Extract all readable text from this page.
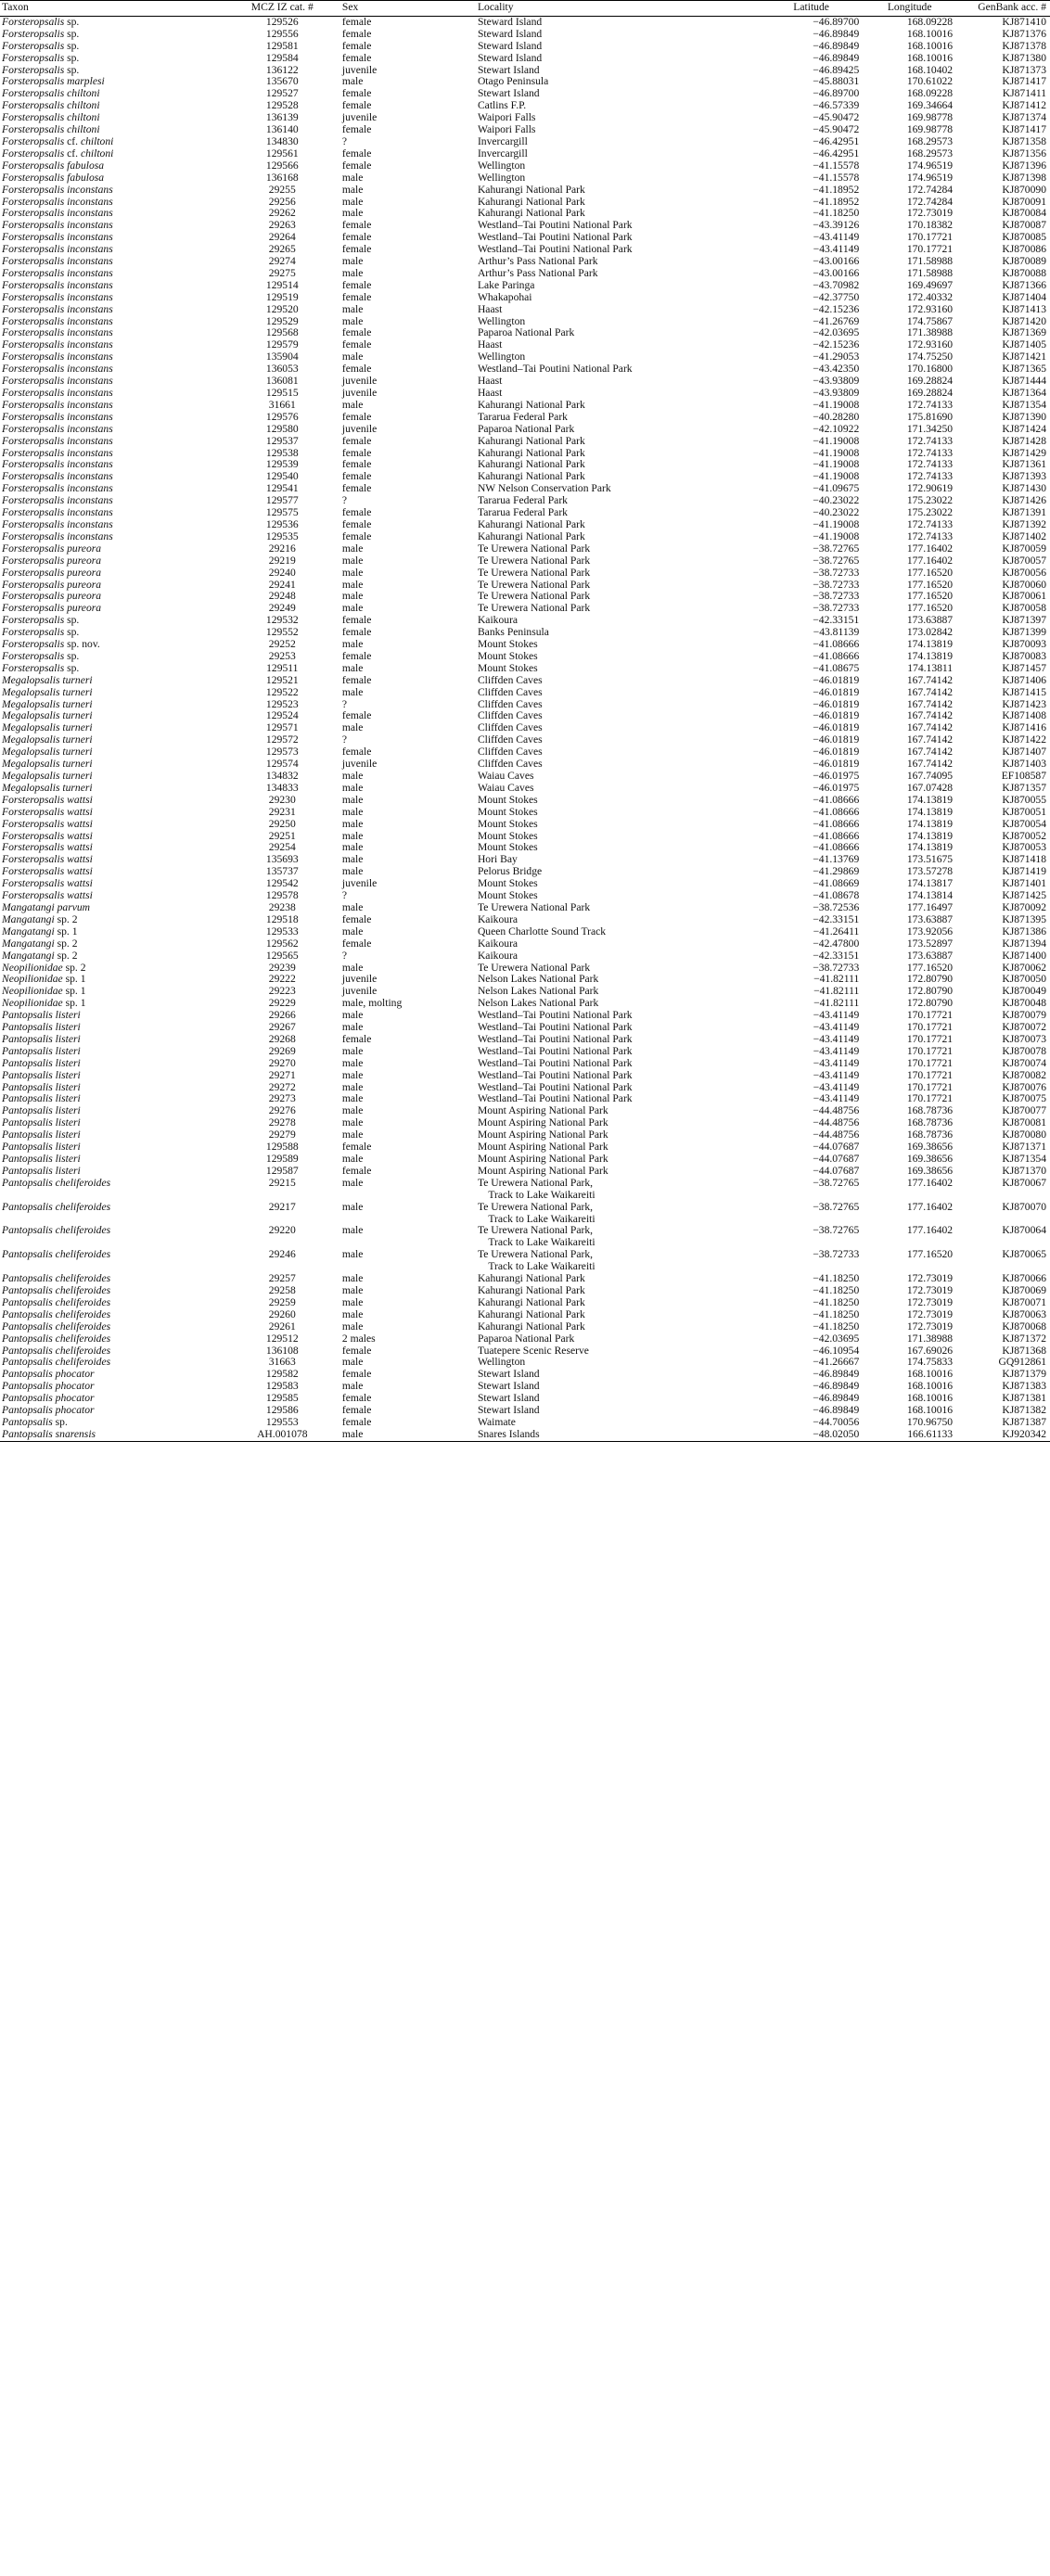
Taxon	MCZ IZ cat. #	Sex	Locality	Latitude	Longitude	GenBank acc. #
Forsteropsalis sp.	129526	female	Steward Island	−46.89700	168.09228	KJ871410
Forsteropsalis sp.	129556	female	Steward Island	−46.89849	168.10016	KJ871376
Forsteropsalis sp.	129581	female	Steward Island	−46.89849	168.10016	KJ871378
Forsteropsalis sp.	129584	female	Steward Island	−46.89849	168.10016	KJ871380
Forsteropsalis sp.	136122	juvenile	Stewart Island	−46.89425	168.10402	KJ871373
Forsteropsalis marplesi	135670	male	Otago Peninsula	−45.88031	170.61022	KJ871417
Forsteropsalis chiltoni	129527	female	Stewart Island	−46.89700	168.09228	KJ871411
Forsteropsalis chiltoni	129528	female	Catlins F.P.	−46.57339	169.34664	KJ871412
Forsteropsalis chiltoni	136139	juvenile	Waipori Falls	−45.90472	169.98778	KJ871374
Forsteropsalis chiltoni	136140	female	Waipori Falls	−45.90472	169.98778	KJ871417
Forsteropsalis cf. chiltoni	134830	?	Invercargill	−46.42951	168.29573	KJ871358
Forsteropsalis cf. chiltoni	129561	female	Invercargill	−46.42951	168.29573	KJ871356
Forsteropsalis fabulosa	129566	female	Wellington	−41.15578	174.96519	KJ871396
Forsteropsalis fabulosa	136168	male	Wellington	−41.15578	174.96519	KJ871398
Forsteropsalis inconstans	29255	male	Kahurangi National Park	−41.18952	172.74284	KJ870090
Forsteropsalis inconstans	29256	male	Kahurangi National Park	−41.18952	172.74284	KJ870091
Forsteropsalis inconstans	29262	male	Kahurangi National Park	−41.18250	172.73019	KJ870084
Forsteropsalis inconstans	29263	female	Westland–Tai Poutini National Park	−43.39126	170.18382	KJ870087
Forsteropsalis inconstans	29264	female	Westland–Tai Poutini National Park	−43.41149	170.17721	KJ870085
Forsteropsalis inconstans	29265	female	Westland–Tai Poutini National Park	−43.41149	170.17721	KJ870086
Forsteropsalis inconstans	29274	male	Arthur’s Pass National Park	−43.00166	171.58988	KJ870089
Forsteropsalis inconstans	29275	male	Arthur’s Pass National Park	−43.00166	171.58988	KJ870088
Forsteropsalis inconstans	129514	female	Lake Paringa	−43.70982	169.49697	KJ871366
Forsteropsalis inconstans	129519	female	Whakapohai	−42.37750	172.40332	KJ871404
Forsteropsalis inconstans	129520	male	Haast	−42.15236	172.93160	KJ871413
Forsteropsalis inconstans	129529	male	Wellington	−41.26769	174.75867	KJ871420
Forsteropsalis inconstans	129568	female	Paparoa National Park	−42.03695	171.38988	KJ871369
Forsteropsalis inconstans	129579	female	Haast	−42.15236	172.93160	KJ871405
Forsteropsalis inconstans	135904	male	Wellington	−41.29053	174.75250	KJ871421
Forsteropsalis inconstans	136053	female	Westland–Tai Poutini National Park	−43.42350	170.16800	KJ871365
Forsteropsalis inconstans	136081	juvenile	Haast	−43.93809	169.28824	KJ871444
Forsteropsalis inconstans	129515	juvenile	Haast	−43.93809	169.28824	KJ871364
Forsteropsalis inconstans	31661	male	Kahurangi National Park	−41.19008	172.74133	KJ871354
Forsteropsalis inconstans	129576	female	Tararua Federal Park	−40.28280	175.81690	KJ871390
Forsteropsalis inconstans	129580	juvenile	Paparoa National Park	−42.10922	171.34250	KJ871424
Forsteropsalis inconstans	129537	female	Kahurangi National Park	−41.19008	172.74133	KJ871428
Forsteropsalis inconstans	129538	female	Kahurangi National Park	−41.19008	172.74133	KJ871429
Forsteropsalis inconstans	129539	female	Kahurangi National Park	−41.19008	172.74133	KJ871361
Forsteropsalis inconstans	129540	female	Kahurangi National Park	−41.19008	172.74133	KJ871393
Forsteropsalis inconstans	129541	female	NW Nelson Conservation Park	−41.09675	172.90619	KJ871430
Forsteropsalis inconstans	129577	?	Tararua Federal Park	−40.23022	175.23022	KJ871426
Forsteropsalis inconstans	129575	female	Tararua Federal Park	−40.23022	175.23022	KJ871391
Forsteropsalis inconstans	129536	female	Kahurangi National Park	−41.19008	172.74133	KJ871392
Forsteropsalis inconstans	129535	female	Kahurangi National Park	−41.19008	172.74133	KJ871402
Forsteropsalis pureora	29216	male	Te Urewera National Park	−38.72765	177.16402	KJ870059
Forsteropsalis pureora	29219	male	Te Urewera National Park	−38.72765	177.16402	KJ870057
Forsteropsalis pureora	29240	male	Te Urewera National Park	−38.72733	177.16520	KJ870056
Forsteropsalis pureora	29241	male	Te Urewera National Park	−38.72733	177.16520	KJ870060
Forsteropsalis pureora	29248	male	Te Urewera National Park	−38.72733	177.16520	KJ870061
Forsteropsalis pureora	29249	male	Te Urewera National Park	−38.72733	177.16520	KJ870058
Forsteropsalis sp.	129532	female	Kaikoura	−42.33151	173.63887	KJ871397
Forsteropsalis sp.	129552	female	Banks Peninsula	−43.81139	173.02842	KJ871399
Forsteropsalis sp. nov.	29252	male	Mount Stokes	−41.08666	174.13819	KJ870093
Forsteropsalis sp.	29253	female	Mount Stokes	−41.08666	174.13819	KJ870083
Forsteropsalis sp.	129511	male	Mount Stokes	−41.08675	174.13811	KJ871457
Megalopsalis turneri	129521	female	Cliffden Caves	−46.01819	167.74142	KJ871406
Megalopsalis turneri	129522	male	Cliffden Caves	−46.01819	167.74142	KJ871415
Megalopsalis turneri	129523	?	Cliffden Caves	−46.01819	167.74142	KJ871423
Megalopsalis turneri	129524	female	Cliffden Caves	−46.01819	167.74142	KJ871408
Megalopsalis turneri	129571	male	Cliffden Caves	−46.01819	167.74142	KJ871416
Megalopsalis turneri	129572	?	Cliffden Caves	−46.01819	167.74142	KJ871422
Megalopsalis turneri	129573	female	Cliffden Caves	−46.01819	167.74142	KJ871407
Megalopsalis turneri	129574	juvenile	Cliffden Caves	−46.01819	167.74142	KJ871403
Megalopsalis turneri	134832	male	Waiau Caves	−46.01975	167.74095	EF108587
Megalopsalis turneri	134833	male	Waiau Caves	−46.01975	167.07428	KJ871357
Forsteropsalis wattsi	29230	male	Mount Stokes	−41.08666	174.13819	KJ870055
Forsteropsalis wattsi	29231	male	Mount Stokes	−41.08666	174.13819	KJ870051
Forsteropsalis wattsi	29250	male	Mount Stokes	−41.08666	174.13819	KJ870054
Forsteropsalis wattsi	29251	male	Mount Stokes	−41.08666	174.13819	KJ870052
Forsteropsalis wattsi	29254	male	Mount Stokes	−41.08666	174.13819	KJ870053
Forsteropsalis wattsi	135693	male	Hori Bay	−41.13769	173.51675	KJ871418
Forsteropsalis wattsi	135737	male	Pelorus Bridge	−41.29869	173.57278	KJ871419
Forsteropsalis wattsi	129542	juvenile	Mount Stokes	−41.08669	174.13817	KJ871401
Forsteropsalis wattsi	129578	?	Mount Stokes	−41.08678	174.13814	KJ871425
Mangatangi parvum	29238	male	Te Urewera National Park	−38.72536	177.16497	KJ870092
Mangatangi sp. 2	129518	female	Kaikoura	−42.33151	173.63887	KJ871395
Mangatangi sp. 1	129533	male	Queen Charlotte Sound Track	−41.26411	173.92056	KJ871386
Mangatangi sp. 2	129562	female	Kaikoura	−42.47800	173.52897	KJ871394
Mangatangi sp. 2	129565	?	Kaikoura	−42.33151	173.63887	KJ871400
Neopilionidae sp. 2	29239	male	Te Urewera National Park	−38.72733	177.16520	KJ870062
Neopilionidae sp. 1	29222	juvenile	Nelson Lakes National Park	−41.82111	172.80790	KJ870050
Neopilionidae sp. 1	29223	juvenile	Nelson Lakes National Park	−41.82111	172.80790	KJ870049
Neopilionidae sp. 1	29229	male, molting	Nelson Lakes National Park	−41.82111	172.80790	KJ870048
Pantopsalis listeri	29266	male	Westland–Tai Poutini National Park	−43.41149	170.17721	KJ870079
Pantopsalis listeri	29267	male	Westland–Tai Poutini National Park	−43.41149	170.17721	KJ870072
Pantopsalis listeri	29268	female	Westland–Tai Poutini National Park	−43.41149	170.17721	KJ870073
Pantopsalis listeri	29269	male	Westland–Tai Poutini National Park	−43.41149	170.17721	KJ870078
Pantopsalis listeri	29270	male	Westland–Tai Poutini National Park	−43.41149	170.17721	KJ870074
Pantopsalis listeri	29271	male	Westland–Tai Poutini National Park	−43.41149	170.17721	KJ870082
Pantopsalis listeri	29272	male	Westland–Tai Poutini National Park	−43.41149	170.17721	KJ870076
Pantopsalis listeri	29273	male	Westland–Tai Poutini National Park	−43.41149	170.17721	KJ870075
Pantopsalis listeri	29276	male	Mount Aspiring National Park	−44.48756	168.78736	KJ870077
Pantopsalis listeri	29278	male	Mount Aspiring National Park	−44.48756	168.78736	KJ870081
Pantopsalis listeri	29279	male	Mount Aspiring National Park	−44.48756	168.78736	KJ870080
Pantopsalis listeri	129588	female	Mount Aspiring National Park	−44.07687	169.38656	KJ871371
Pantopsalis listeri	129589	male	Mount Aspiring National Park	−44.07687	169.38656	KJ871354
Pantopsalis listeri	129587	female	Mount Aspiring National Park	−44.07687	169.38656	KJ871370
Pantopsalis cheliferoides	29215	male	Te Urewera National Park,
Track to Lake Waikareiti	−38.72765	177.16402	KJ870067
Pantopsalis cheliferoides	29217	male	Te Urewera National Park,
Track to Lake Waikareiti	−38.72765	177.16402	KJ870070
Pantopsalis cheliferoides	29220	male	Te Urewera National Park,
Track to Lake Waikareiti	−38.72765	177.16402	KJ870064
Pantopsalis cheliferoides	29246	male	Te Urewera National Park,
Track to Lake Waikareiti	−38.72733	177.16520	KJ870065
Pantopsalis cheliferoides	29257	male	Kahurangi National Park	−41.18250	172.73019	KJ870066
Pantopsalis cheliferoides	29258	male	Kahurangi National Park	−41.18250	172.73019	KJ870069
Pantopsalis cheliferoides	29259	male	Kahurangi National Park	−41.18250	172.73019	KJ870071
Pantopsalis cheliferoides	29260	male	Kahurangi National Park	−41.18250	172.73019	KJ870063
Pantopsalis cheliferoides	29261	male	Kahurangi National Park	−41.18250	172.73019	KJ870068
Pantopsalis cheliferoides	129512	2 males	Paparoa National Park	−42.03695	171.38988	KJ871372
Pantopsalis cheliferoides	136108	female	Tuatepere Scenic Reserve	−46.10954	167.69026	KJ871368
Pantopsalis cheliferoides	31663	male	Wellington	−41.26667	174.75833	GQ912861
Pantopsalis phocator	129582	female	Stewart Island	−46.89849	168.10016	KJ871379
Pantopsalis phocator	129583	male	Stewart Island	−46.89849	168.10016	KJ871383
Pantopsalis phocator	129585	female	Stewart Island	−46.89849	168.10016	KJ871381
Pantopsalis phocator	129586	female	Stewart Island	−46.89849	168.10016	KJ871382
Pantopsalis sp.	129553	female	Waimate	−44.70056	170.96750	KJ871387
Pantopsalis snarensis	AH.001078	male	Snares Islands	−48.02050	166.61133	KJ920342
